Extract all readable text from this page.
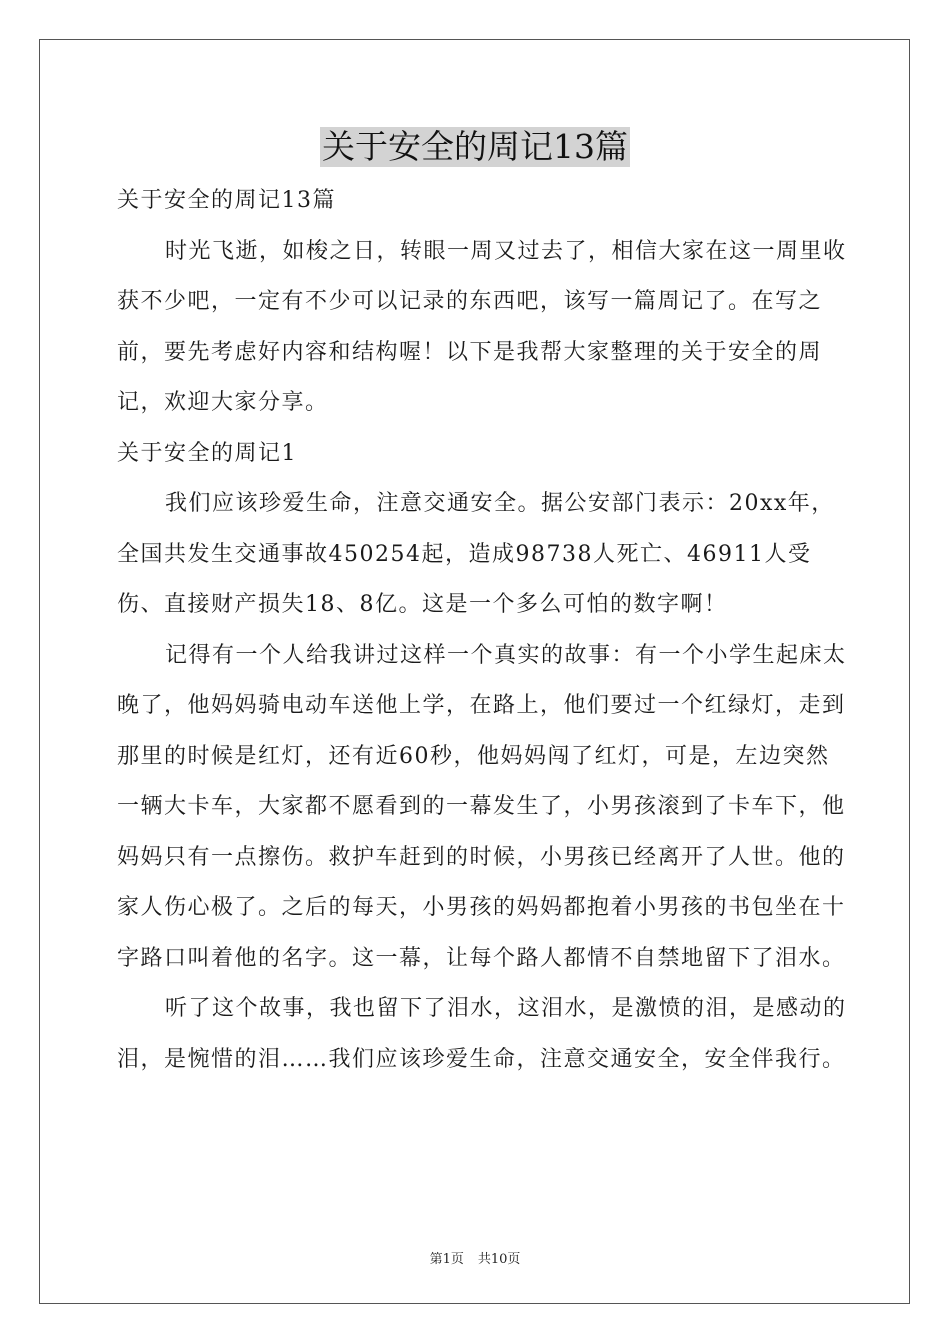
关于安全的周记13篇

关于安全的周记13篇

时光飞逝，如梭之日，转眼一周又过去了，相信大家在这一周里收获不少吧，一定有不少可以记录的东西吧，该写一篇周记了。在写之前，要先考虑好内容和结构喔！以下是我帮大家整理的关于安全的周记，欢迎大家分享。

关于安全的周记1

我们应该珍爱生命，注意交通安全。据公安部门表示：20xx年，全国共发生交通事故450254起，造成98738人死亡、46911人受伤、直接财产损失18、8亿。这是一个多么可怕的数字啊！

记得有一个人给我讲过这样一个真实的故事：有一个小学生起床太晚了，他妈妈骑电动车送他上学，在路上，他们要过一个红绿灯，走到那里的时候是红灯，还有近60秒，他妈妈闯了红灯，可是，左边突然一辆大卡车，大家都不愿看到的一幕发生了，小男孩滚到了卡车下，他妈妈只有一点擦伤。救护车赶到的时候，小男孩已经离开了人世。他的家人伤心极了。之后的每天，小男孩的妈妈都抱着小男孩的书包坐在十字路口叫着他的名字。这一幕，让每个路人都情不自禁地留下了泪水。

听了这个故事，我也留下了泪水，这泪水，是激愤的泪，是感动的泪，是惋惜的泪……我们应该珍爱生命，注意交通安全，安全伴我行。

第1页 共10页
